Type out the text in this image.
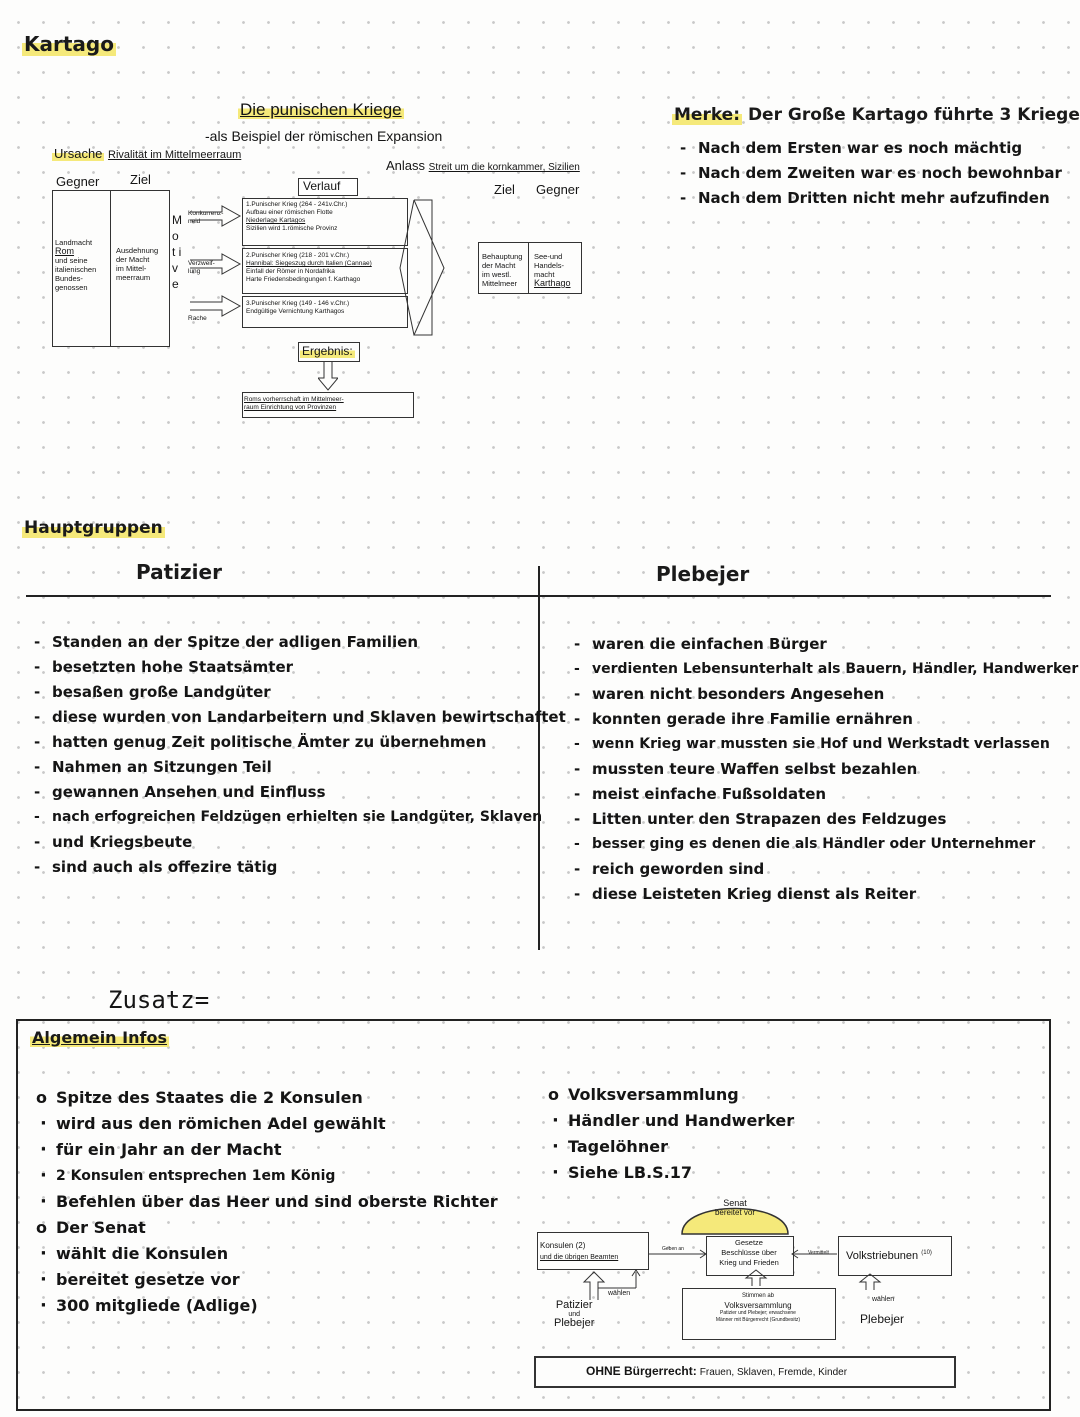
Kartago
Die punischen Kriege
-als Beispiel der römischen Expansion
Ursache Rivalität im Mittelmeerraum
Anlass Streit um die kornkammer, Sizilien
Gegner Ziel
Ziel Gegner
Landmacht
Rom
und seine
italienischen
Bundes-
genossen
Ausdehnung
der Macht
im Mittel-
meerraum
M o t i v e
Konkurrenz-
neid
Verzweif-
lung
Rache
Verlauf
1.Punischer Krieg (264 - 241v.Chr.)
Aufbau einer römischen Flotte
Niederlage Kartagos
Sizilien wird 1.römische Provinz
2.Punischer Krieg (218 - 201 v.Chr.)
Hannibal: Siegeszug durch Italien (Cannae)
Einfall der Römer in Nordafrika
Harte Friedensbedingungen f. Karthago
3.Punischer Krieg (149 - 146 v.Chr.)
Endgültige Vernichtung Karthagos
Behauptung
der Macht
im westl.
Mittelmeer
See-und
Handels-
macht
Karthago
Ergebnis:
Roms vorherrschaft im Mittelmeer-
raum Einrichtung von Provinzen
Merke: Der Große Kartago führte 3 Kriege
- Nach dem Ersten war es noch mächtig
- Nach dem Zweiten war es noch bewohnbar
- Nach dem Dritten nicht mehr aufzufinden
Hauptgruppen
Patizier	Plebejer
- Standen an der Spitze der adligen Familien
- besetzten hohe Staatsämter
- besaßen große Landgüter
- diese wurden von Landarbeitern und Sklaven bewirtschaftet
- hatten genug Zeit politische Ämter zu übernehmen
- Nahmen an Sitzungen Teil
- gewannen Ansehen und Einfluss
- nach erfogreichen Feldzügen erhielten sie Landgüter, Sklaven
- und Kriegsbeute
- sind auch als offezire tätig
- waren die einfachen Bürger
- verdienten Lebensunterhalt als Bauern, Händler, Handwerker
- waren nicht besonders Angesehen
- konnten gerade ihre Familie ernähren
- wenn Krieg war mussten sie Hof und Werkstadt verlassen
- mussten teure Waffen selbst bezahlen
- meist einfache Fußsoldaten
- Litten unter den Strapazen des Feldzuges
- besser ging es denen die als Händler oder Unternehmer
- reich geworden sind
- diese Leisteten Krieg dienst als Reiter
Zusatz=
Algemein Infos
o Spitze des Staates die 2 Konsulen
· wird aus den römichen Adel gewählt
· für ein Jahr an der Macht
· 2 Konsulen entsprechen 1em König
· Befehlen über das Heer und sind oberste Richter
o Der Senat
· wählt die Konsulen
· bereitet gesetze vor
· 300 mitgliede (Adlige)
o Volksversammlung
· Händler und Handwerker
· Tagelöhner
· Siehe LB.S.17
Senat
bereitet vor
Konsulen (2)
und die übrigen Beamten
Geben an
Gesetze
Beschlüsse über
Krieg und Frieden
Vermittelt Volkstriebunen $^{(10)}$
wählen
Patizier
und
Plebejer
Stimmen ab
Volksversammlung
Patizier und Plebejer; erwachsene
Männer mit Bürgerrecht (Grundbesitz)
wählen
Plebejer
OHNE Bürgerrecht: Frauen, Sklaven, Fremde, Kinder
